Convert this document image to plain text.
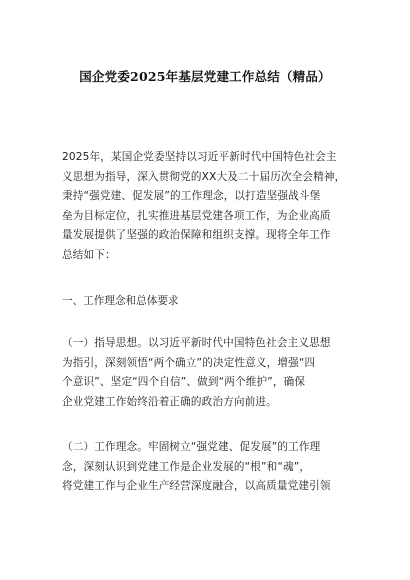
国企党委2025年基层党建工作总结（精品）
2025年，某国企党委坚持以习近平新时代中国特色社会主
义思想为指导，深入贯彻党的XX大及二十届历次全会精神，
秉持“强党建、促发展”的工作理念，以打造坚强战斗堡
垒为目标定位，扎实推进基层党建各项工作，为企业高质
量发展提供了坚强的政治保障和组织支撑。现将全年工作
总结如下：
一、工作理念和总体要求
（一）指导思想。以习近平新时代中国特色社会主义思想
为指引，深刻领悟“两个确立”的决定性意义，增强“四
个意识”、坚定“四个自信”、做到“两个维护”，确保
企业党建工作始终沿着正确的政治方向前进。
（二）工作理念。牢固树立“强党建、促发展”的工作理
念，深刻认识到党建工作是企业发展的“根”和“魂”，
将党建工作与企业生产经营深度融合，以高质量党建引领
